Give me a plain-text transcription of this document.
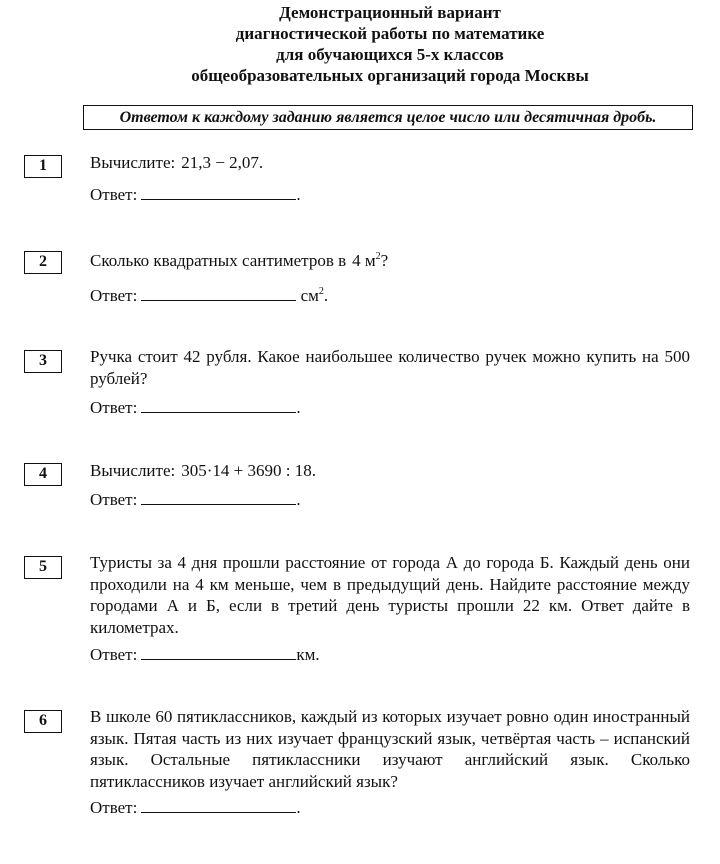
Демонстрационный вариант
диагностической работы по математике
для обучающихся 5-х классов
общеобразовательных организаций города Москвы
Ответом к каждому заданию является целое число или десятичная дробь.
1	Вычислите: 21,3 − 2,07.
Ответ:	.
2	Сколько квадратных сантиметров в 4 $м^2$?
Ответ:	$см^2$.
3	Ручка стоит 42 рубля. Какое наибольшее количество ручек можно купить на 500 рублей?
Ответ:	.
4	Вычислите: 305·14 + 3690 : 18.
Ответ:	.
5	Туристы за 4 дня прошли расстояние от города А до города Б. Каждый день они проходили на 4 км меньше, чем в предыдущий день. Найдите расстояние между городами А и Б, если в третий день туристы прошли 22 км. Ответ дайте в километрах.
Ответ:	км.
6	В школе 60 пятиклассников, каждый из которых изучает ровно один иностранный язык. Пятая часть из них изучает французский язык, четвёртая часть – испанский язык. Остальные пятиклассники изучают английский язык. Сколько пятиклассников изучает английский язык?
Ответ:	.
